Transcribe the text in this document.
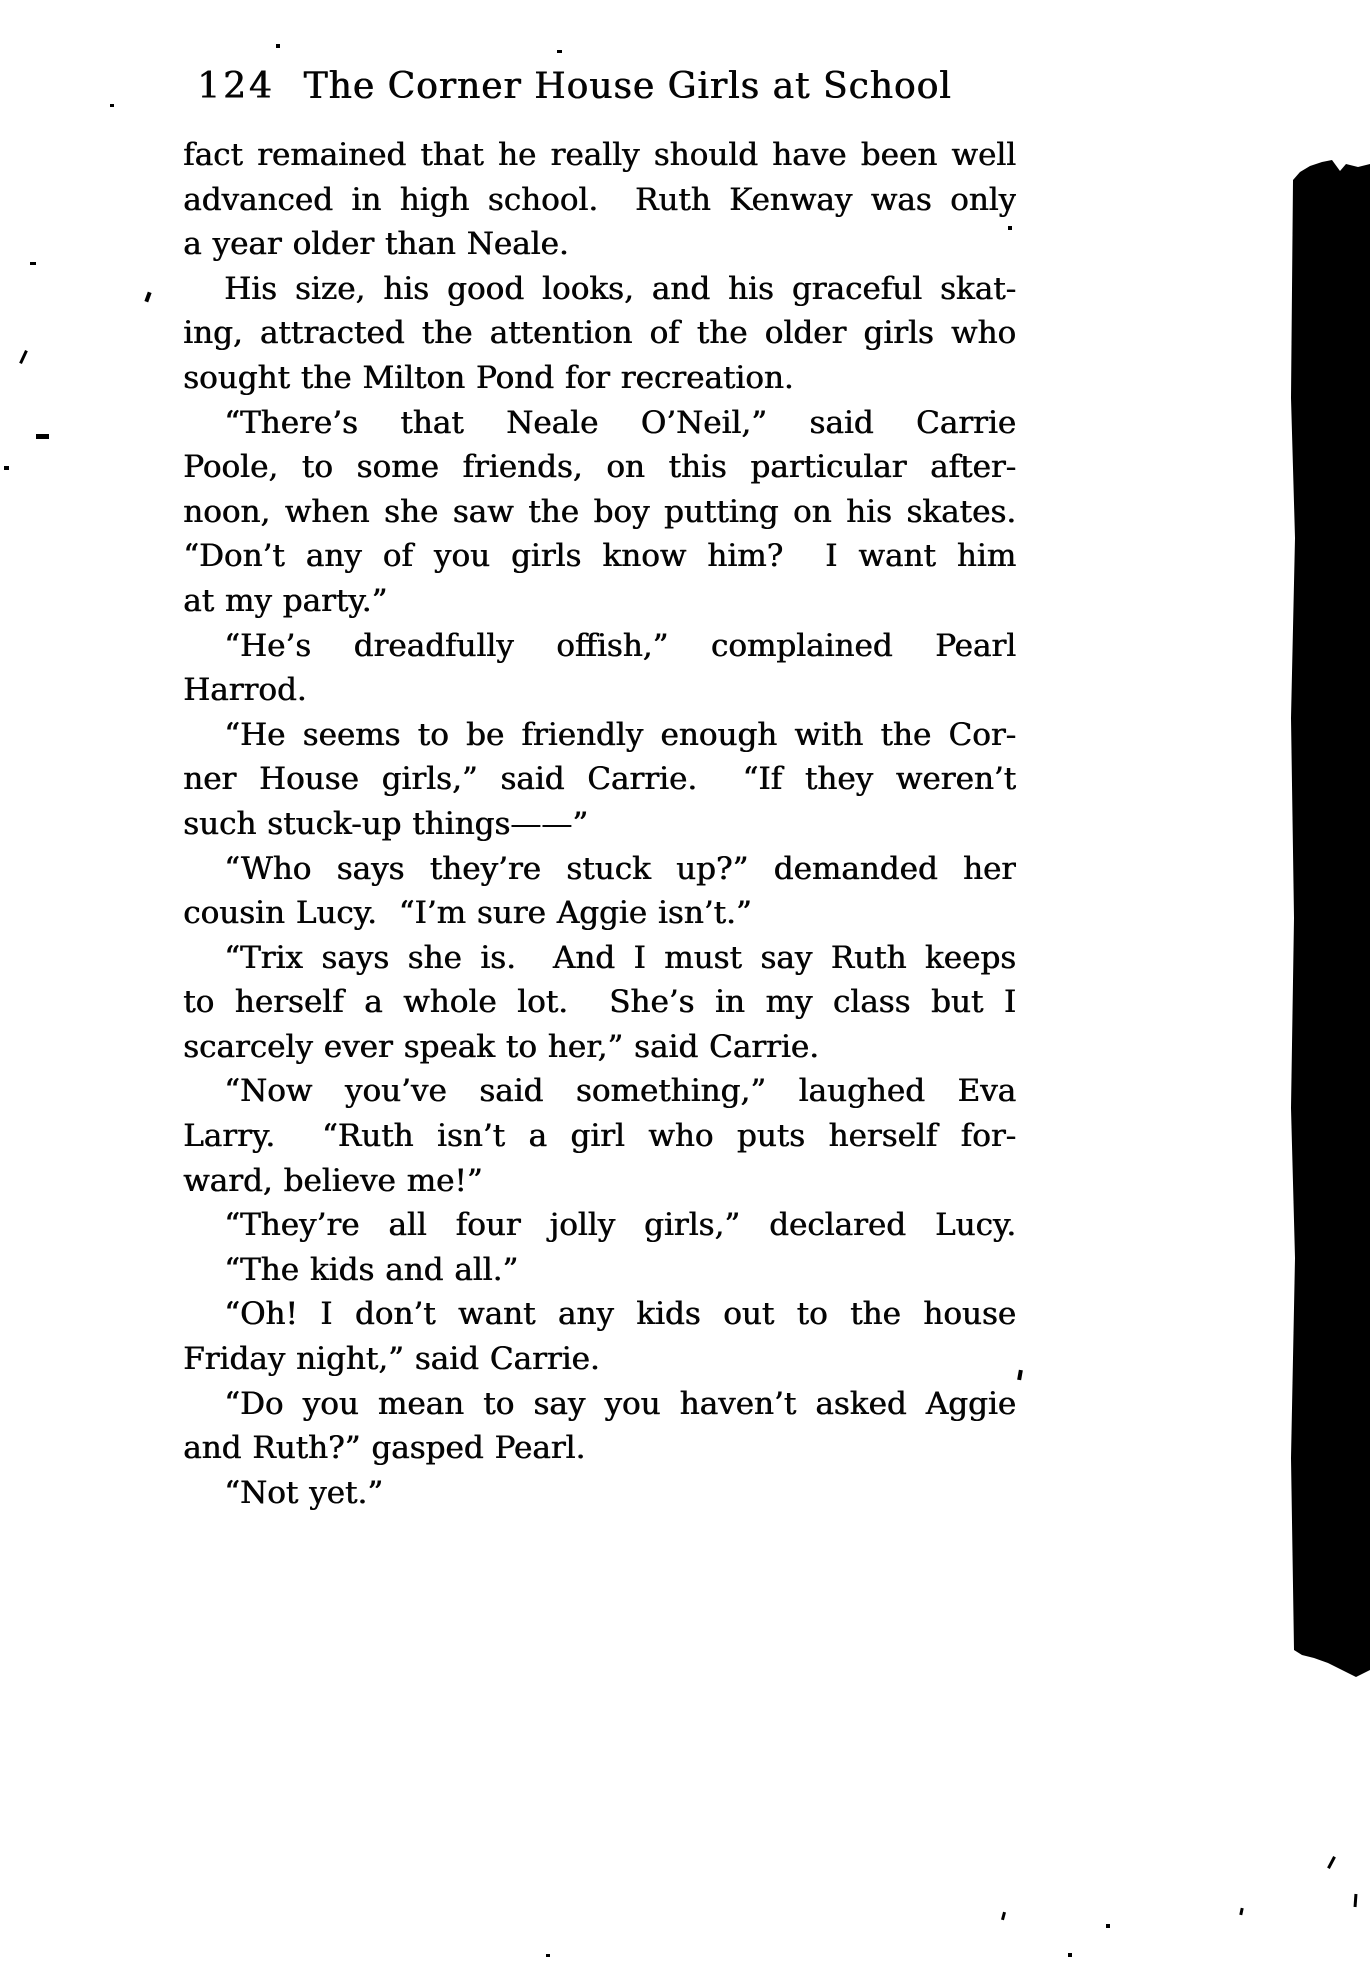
124 The Corner House Girls at School
fact remained that he really should have been well
advanced in high school.  Ruth Kenway was only
a year older than Neale.
His size, his good looks, and his graceful skat-
ing, attracted the attention of the older girls who
sought the Milton Pond for recreation.
“There’s that Neale O’Neil,” said Carrie
Poole, to some friends, on this particular after-
noon, when she saw the boy putting on his skates.
“Don’t any of you girls know him?  I want him
at my party.”
“He’s dreadfully offish,” complained Pearl
Harrod.
“He seems to be friendly enough with the Cor-
ner House girls,” said Carrie.  “If they weren’t
such stuck-up things——”
“Who says they’re stuck up?” demanded her
cousin Lucy.  “I’m sure Aggie isn’t.”
“Trix says she is.  And I must say Ruth keeps
to herself a whole lot.  She’s in my class but I
scarcely ever speak to her,” said Carrie.
“Now you’ve said something,” laughed Eva
Larry.  “Ruth isn’t a girl who puts herself for-
ward, believe me!”
“They’re all four jolly girls,” declared Lucy.
“The kids and all.”
“Oh! I don’t want any kids out to the house
Friday night,” said Carrie.
“Do you mean to say you haven’t asked Aggie
and Ruth?” gasped Pearl.
“Not yet.”
